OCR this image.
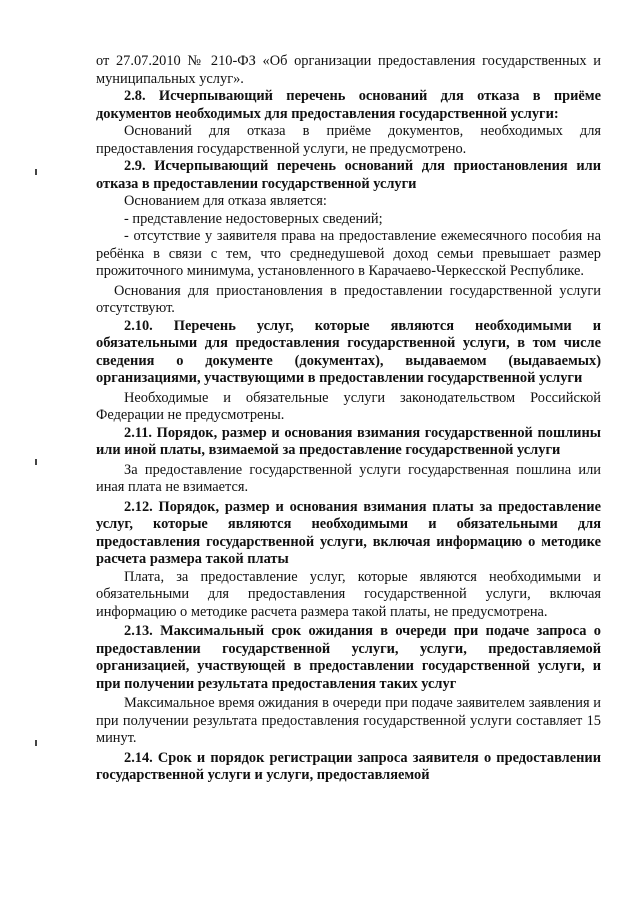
от 27.07.2010 № 210-ФЗ «Об организации предоставления государственных и муниципальных услуг».

2.8. Исчерпывающий перечень оснований для отказа в приёме документов необходимых для предоставления государственной услуги:

Оснований для отказа в приёме документов, необходимых для предоставления государственной услуги, не предусмотрено.

2.9. Исчерпывающий перечень оснований для приостановления или отказа в предоставлении государственной услуги

Основанием для отказа является:

- представление недостоверных сведений;

- отсутствие у заявителя права на предоставление ежемесячного пособия на ребёнка в связи с тем, что среднедушевой доход семьи превышает размер прожиточного минимума, установленного в Карачаево-Черкесской Республике.

Основания для приостановления в предоставлении государственной услуги отсутствуют.

2.10. Перечень услуг, которые являются необходимыми и обязательными для предоставления государственной услуги, в том числе сведения о документе (документах), выдаваемом (выдаваемых) организациями, участвующими в предоставлении государственной услуги

Необходимые и обязательные услуги законодательством Российской Федерации не предусмотрены.

2.11. Порядок, размер и основания взимания государственной пошлины или иной платы, взимаемой за предоставление государственной услуги

За предоставление государственной услуги государственная пошлина или иная плата не взимается.

2.12. Порядок, размер и основания взимания платы за предоставление услуг, которые являются необходимыми и обязательными для предоставления государственной услуги, включая информацию о методике расчета размера такой платы

Плата, за предоставление услуг, которые являются необходимыми и обязательными для предоставления государственной услуги, включая информацию о методике расчета размера такой платы, не предусмотрена.

2.13. Максимальный срок ожидания в очереди при подаче запроса о предоставлении государственной услуги, услуги, предоставляемой организацией, участвующей в предоставлении государственной услуги, и при получении результата предоставления таких услуг

Максимальное время ожидания в очереди при подаче заявителем заявления и при получении результата предоставления государственной услуги составляет 15 минут.

2.14. Срок и порядок регистрации запроса заявителя о предоставлении государственной услуги и услуги, предоставляемой
